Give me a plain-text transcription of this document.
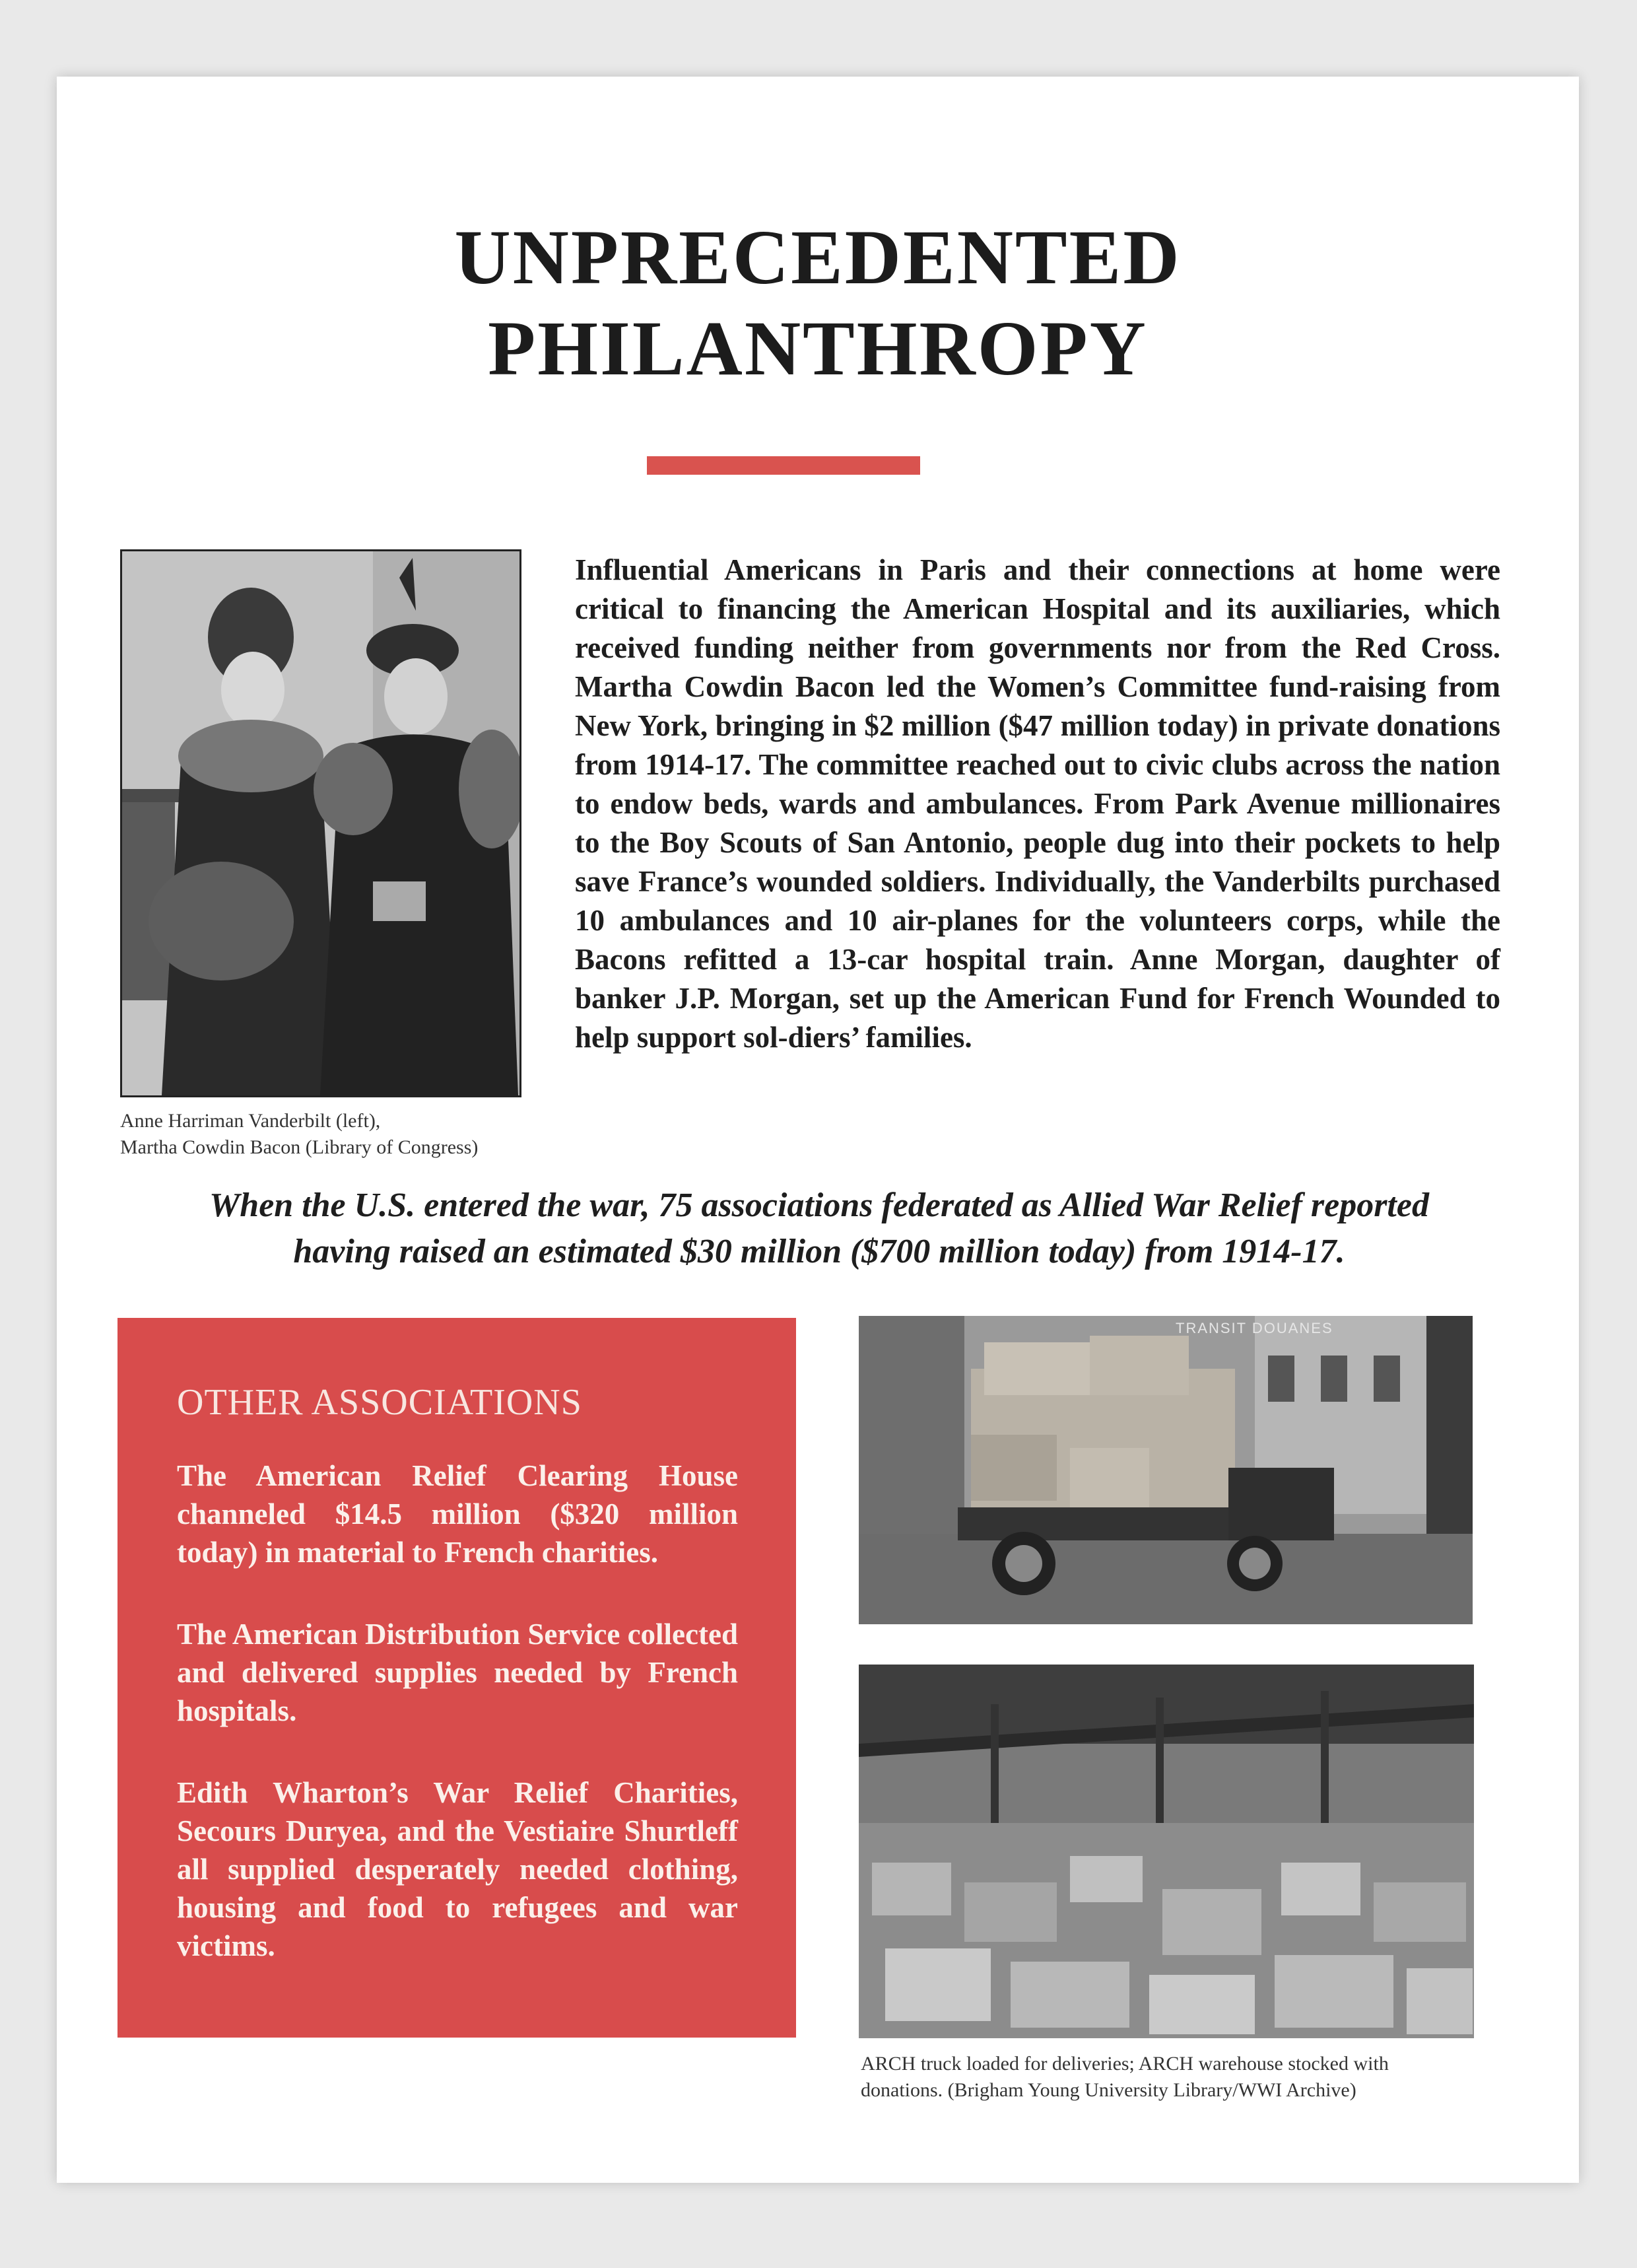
UNPRECEDENTED
PHILANTHROPY
Anne Harriman Vanderbilt (left),
Martha Cowdin Bacon (Library of Congress)

Influential Americans in Paris and their connections at home were critical to financing the American Hospital and its auxiliaries, which received funding neither from governments nor from the Red Cross. Martha Cowdin Bacon led the Women’s Committee fund-raising from New York, bringing in $2 million ($47 million today) in private donations from 1914-17. The committee reached out to civic clubs across the nation to endow beds, wards and ambulances. From Park Avenue millionaires to the Boy Scouts of San Antonio, people dug into their pockets to help save France’s wounded soldiers. Individually, the Vanderbilts purchased 10 ambulances and 10 air-planes for the volunteers corps, while the Bacons refitted a 13-car hospital train. Anne Morgan, daughter of banker J.P. Morgan, set up the American Fund for French Wounded to help support sol-diers’ families.

When the U.S. entered the war, 75 associations federated as Allied War Relief reported
having raised an estimated $30 million ($700 million today) from 1914-17.
OTHER ASSOCIATIONS

The American Relief Clearing House channeled $14.5 million ($320 million today) in material to French charities.

The American Distribution Service collected and delivered supplies needed by French hospitals.

Edith Wharton’s War Relief Charities, Secours Duryea, and the Vestiaire Shurtleff all supplied desperately needed clothing, housing and food to refugees and war victims.

TRANSIT DOUANES
ARCH truck loaded for deliveries; ARCH warehouse stocked with
donations. (Brigham Young University Library/WWI Archive)
